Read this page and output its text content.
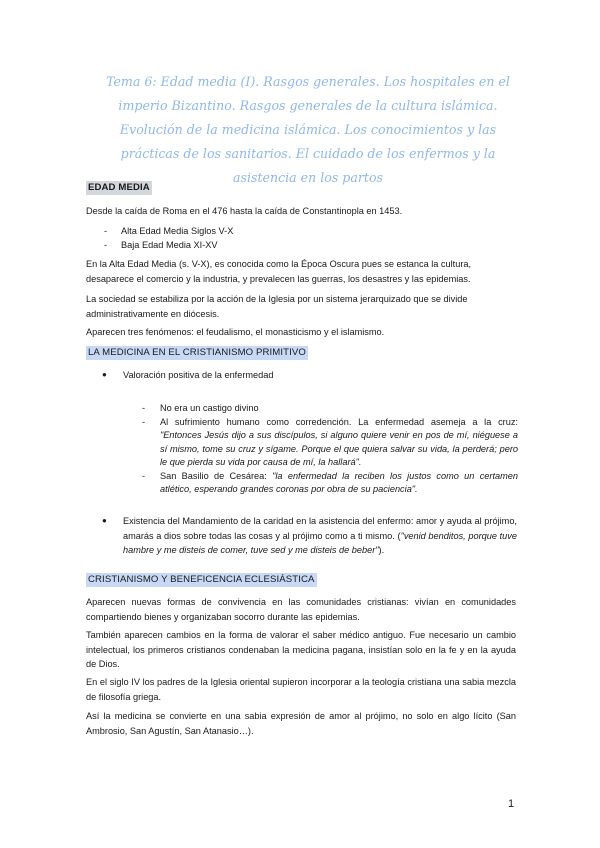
Tema 6: Edad media (I). Rasgos generales. Los hospitales en el imperio Bizantino. Rasgos generales de la cultura islámica. Evolución de la medicina islámica. Los conocimientos y las prácticas de los sanitarios. El cuidado de los enfermos y la asistencia en los partos
EDAD MEDIA

Desde la caída de Roma en el 476 hasta la caída de Constantinopla en 1453.

- Alta Edad Media Siglos V-X
- Baja Edad Media XI-XV

En la Alta Edad Media (s. V-X), es conocida como la Época Oscura pues se estanca la cultura, desaparece el comercio y la industria, y prevalecen las guerras, los desastres y las epidemias.

La sociedad se estabiliza por la acción de la Iglesia por un sistema jerarquizado que se divide administrativamente en diócesis.

Aparecen tres fenómenos: el feudalismo, el monasticismo y el islamismo.

LA MEDICINA EN EL CRISTIANISMO PRIMITIVO
● Valoración positiva de la enfermedad

- No era un castigo divino
- Al sufrimiento humano como corredención. La enfermedad asemeja a la cruz: "Entonces Jesús dijo a sus discípulos, si alguno quiere venir en pos de mí, niéguese a sí mismo, tome su cruz y sígame. Porque el que quiera salvar su vida, la perderá; pero le que pierda su vida por causa de mí, la hallará".
- San Basilio de Cesárea: "la enfermedad la reciben los justos como un certamen atlético, esperando grandes coronas por obra de su paciencia".
● Existencia del Mandamiento de la caridad en la asistencia del enfermo: amor y ayuda al prójimo, amarás a dios sobre todas las cosas y al prójimo como a ti mismo. ("venid benditos, porque tuve hambre y me disteis de comer, tuve sed y me disteis de beber").

CRISTIANISMO Y BENEFICENCIA ECLESIÁSTICA

Aparecen nuevas formas de convivencia en las comunidades cristianas: vivían en comunidades compartiendo bienes y organizaban socorro durante las epidemias.

También aparecen cambios en la forma de valorar el saber médico antiguo. Fue necesario un cambio intelectual, los primeros cristianos condenaban la medicina pagana, insistían solo en la fe y en la ayuda de Dios.

En el siglo IV los padres de la Iglesia oriental supieron incorporar a la teología cristiana una sabia mezcla de filosofía griega.

Así la medicina se convierte en una sabia expresión de amor al prójimo, no solo en algo lícito (San Ambrosio, San Agustín, San Atanasio…).

1
